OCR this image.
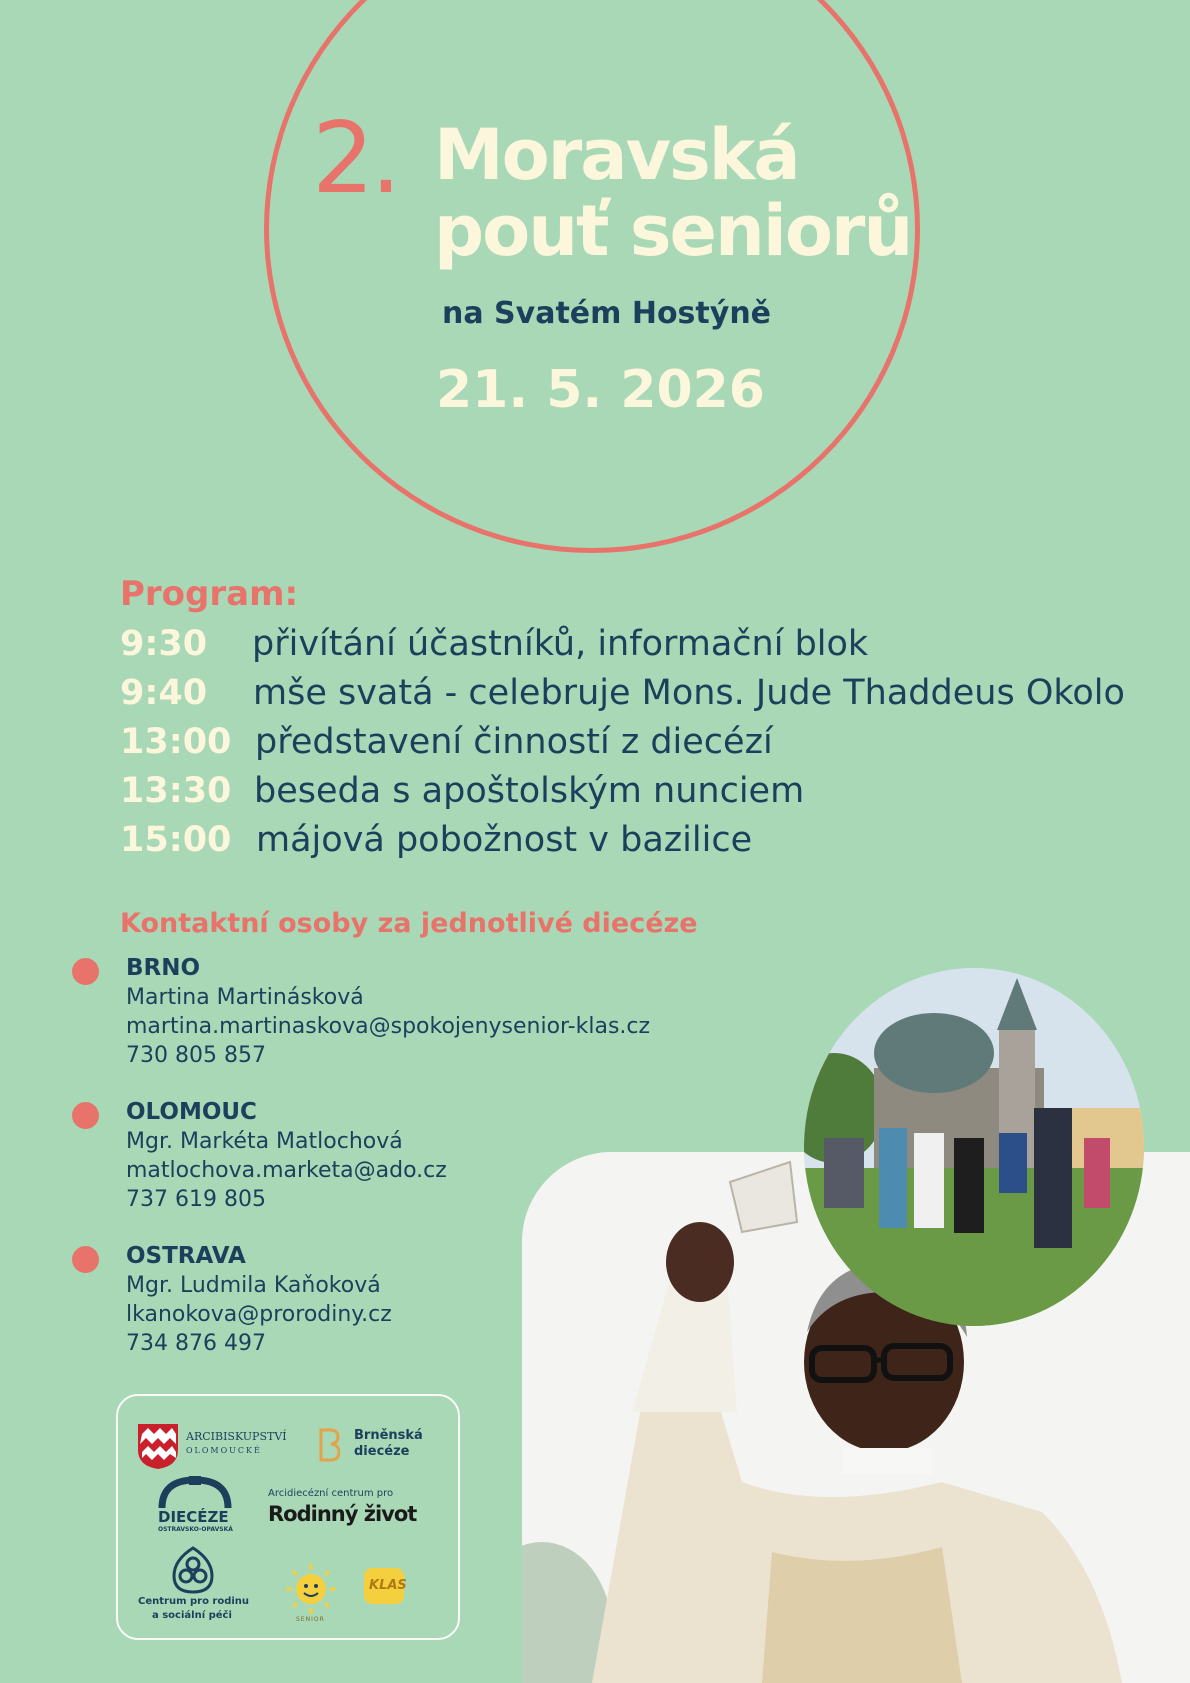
2. Moravská
pouť seniorů
na Svatém Hostýně
21. 5. 2026
Program:
9:30 přivítání účastníků, informační blok
9:40 mše svatá - celebruje Mons. Jude Thaddeus Okolo
13:00 představení činností z diecézí
13:30 beseda s apoštolským nunciem
15:00 májová pobožnost v bazilice
Kontaktní osoby za jednotlivé diecéze
BRNO
Martina Martinásková
martina.martinaskova@spokojenysenior-klas.cz
730 805 857
OLOMOUC
Mgr. Markéta Matlochová
matlochova.marketa@ado.cz
737 619 805
OSTRAVA
Mgr. Ludmila Kaňoková
lkanokova@prorodiny.cz
734 876 497
ARCIBISKUPSTVÍ
OLOMOUCKÉ
Brněnská
diecéze
DIECÉZE
OSTRAVSKO-OPAVSKÁ
Arcidiecézní centrum pro
Rodinný život
Centrum pro rodinu
a sociální péči	SENIOR
KLAS
